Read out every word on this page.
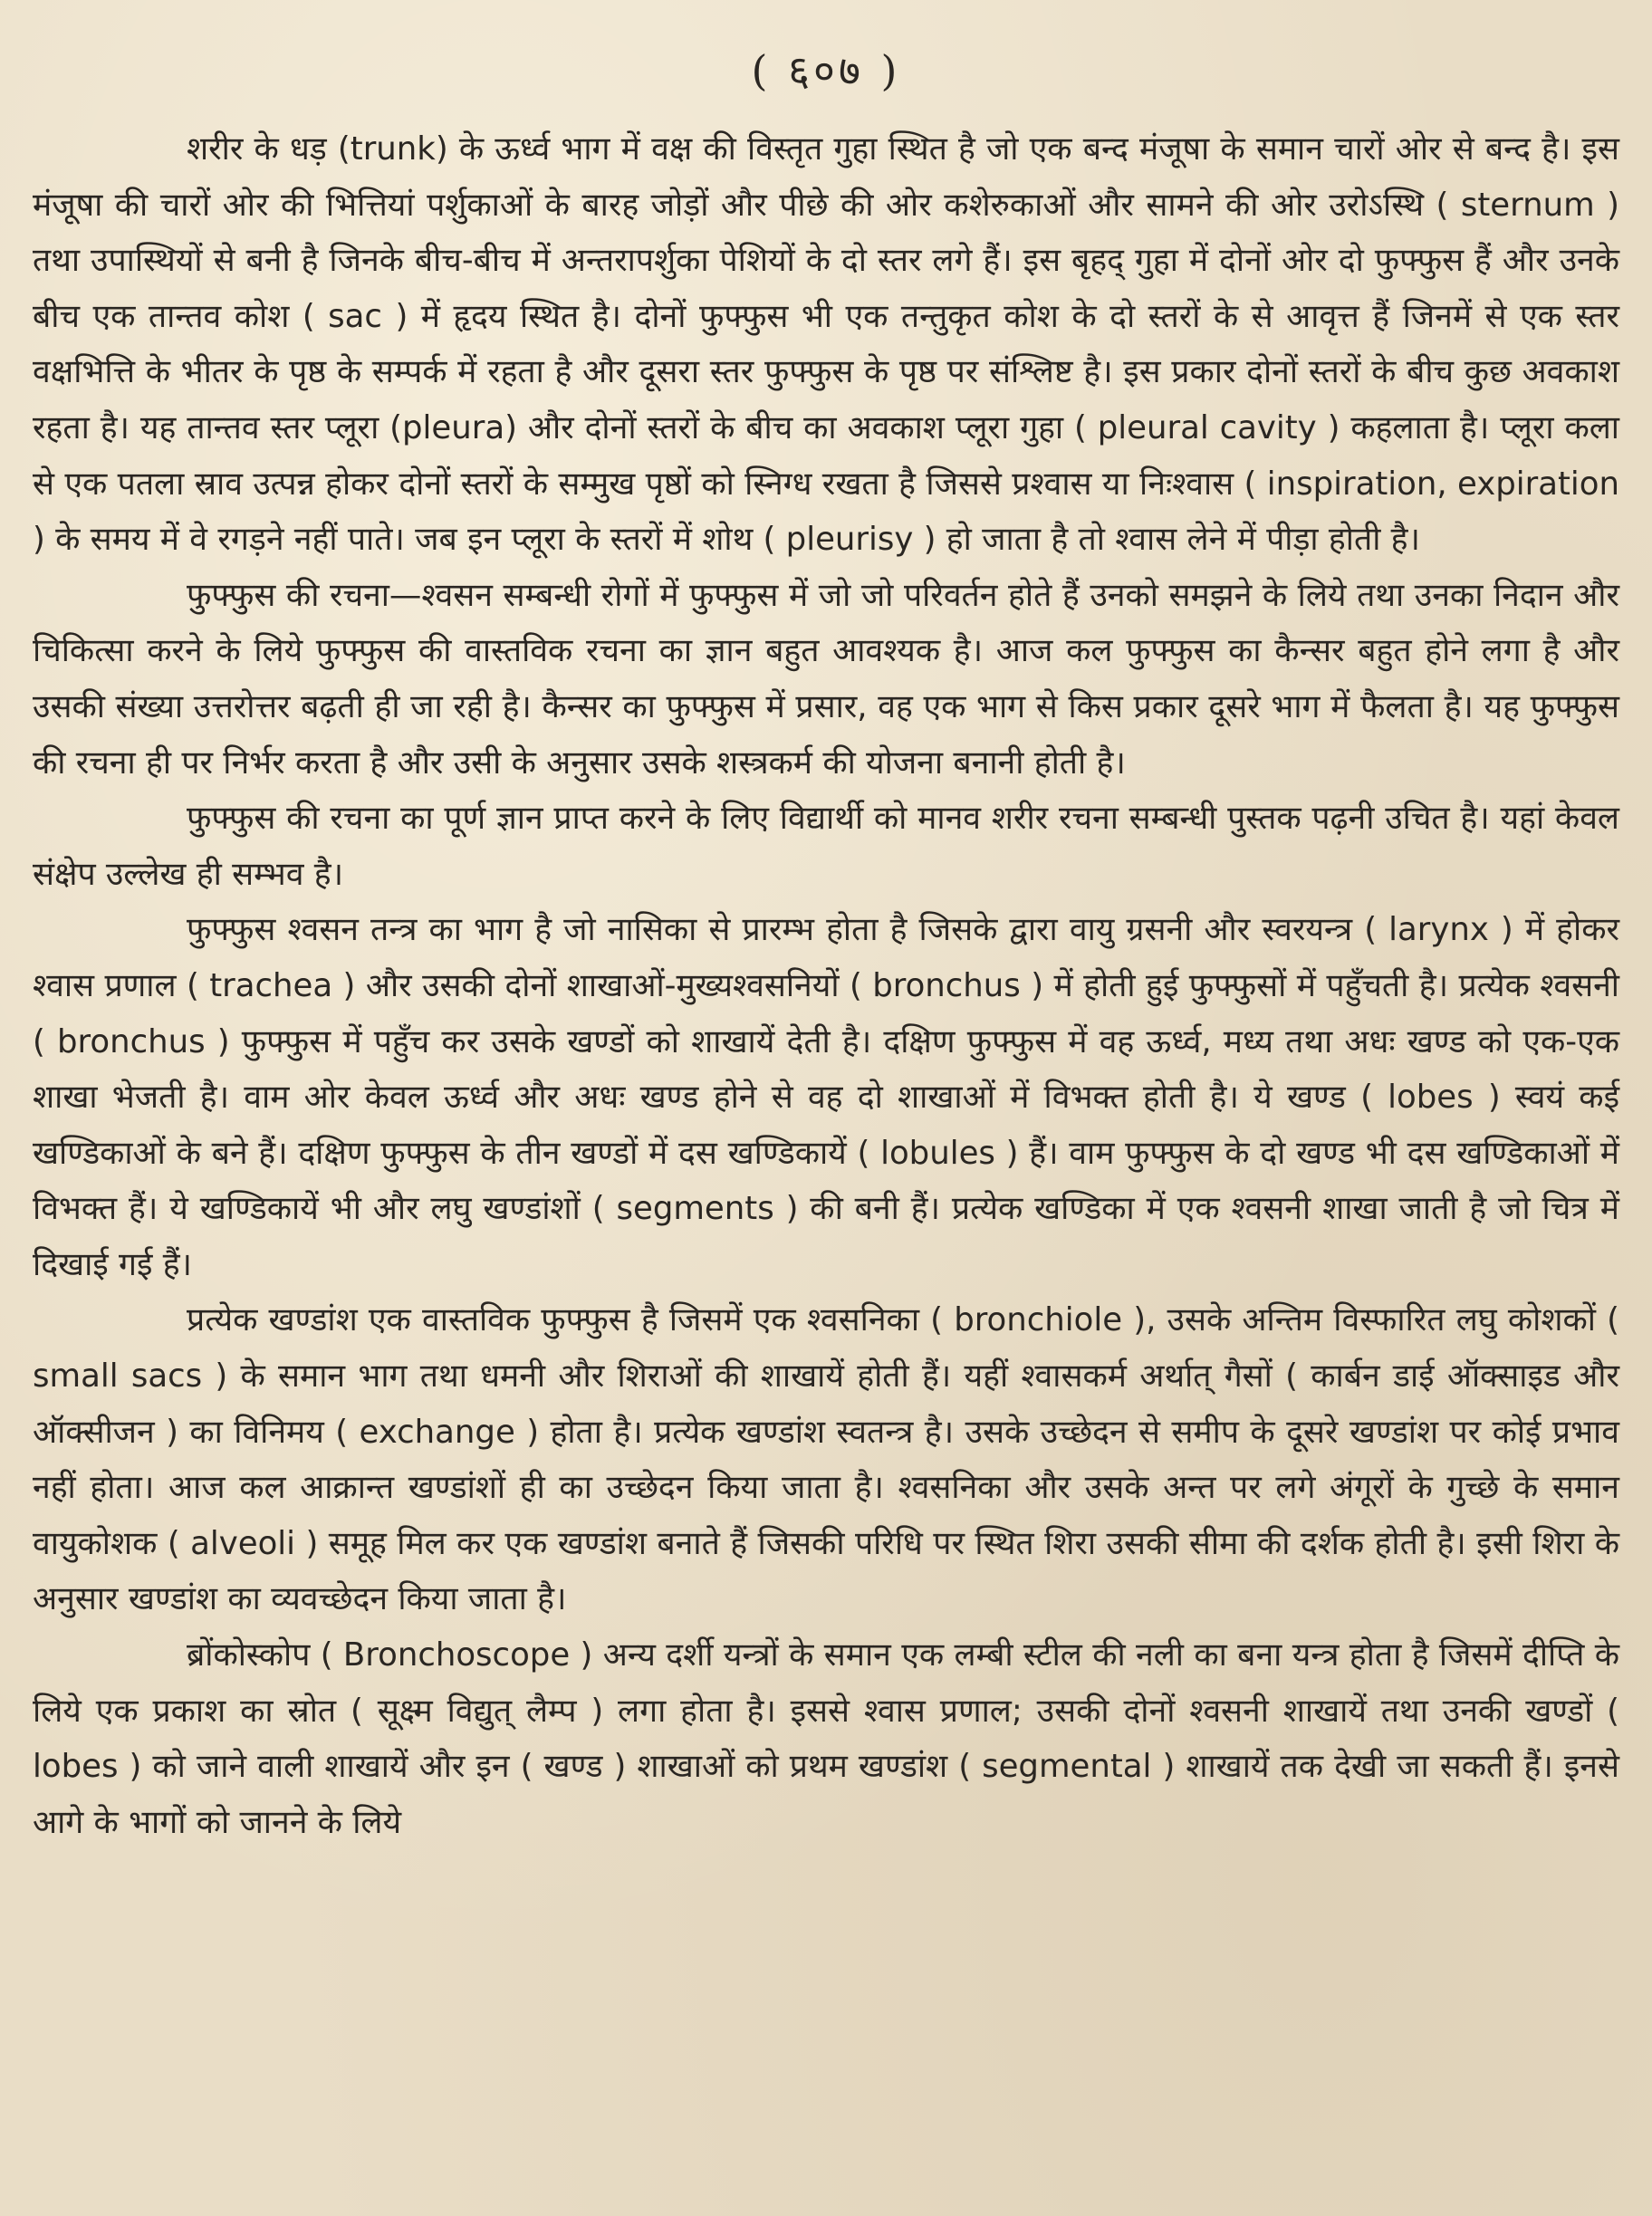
( ६०७ )

शरीर के धड़ (trunk) के ऊर्ध्व भाग में वक्ष की विस्तृत गुहा स्थित है जो एक बन्द मंजूषा के समान चारों ओर से बन्द है। इस मंजूषा की चारों ओर की भित्तियां पर्शुकाओं के बारह जोड़ों और पीछे की ओर कशेरुकाओं और सामने की ओर उरोऽस्थि ( sternum ) तथा उपास्थियों से बनी है जिनके बीच-बीच में अन्तरापर्शुका पेशियों के दो स्तर लगे हैं। इस बृहद् गुहा में दोनों ओर दो फुफ्फुस हैं और उनके बीच एक तान्तव कोश ( sac ) में हृदय स्थित है। दोनों फुफ्फुस भी एक तन्तुकृत कोश के दो स्तरों के से आवृत्त हैं जिनमें से एक स्तर वक्षभित्ति के भीतर के पृष्ठ के सम्पर्क में रहता है और दूसरा स्तर फुफ्फुस के पृष्ठ पर संश्लिष्ट है। इस प्रकार दोनों स्तरों के बीच कुछ अवकाश रहता है। यह तान्तव स्तर प्लूरा (pleura) और दोनों स्तरों के बीच का अवकाश प्लूरा गुहा ( pleural cavity ) कहलाता है। प्लूरा कला से एक पतला स्राव उत्पन्न होकर दोनों स्तरों के सम्मुख पृष्ठों को स्निग्ध रखता है जिससे प्रश्वास या निःश्वास ( inspiration, expiration ) के समय में वे रगड़ने नहीं पाते। जब इन प्लूरा के स्तरों में शोथ ( pleurisy ) हो जाता है तो श्वास लेने में पीड़ा होती है।

फुफ्फुस की रचना—श्वसन सम्बन्धी रोगों में फुफ्फुस में जो जो परिवर्तन होते हैं उनको समझने के लिये तथा उनका निदान और चिकित्सा करने के लिये फुफ्फुस की वास्तविक रचना का ज्ञान बहुत आवश्यक है। आज कल फुफ्फुस का कैन्सर बहुत होने लगा है और उसकी संख्या उत्तरोत्तर बढ़ती ही जा रही है। कैन्सर का फुफ्फुस में प्रसार, वह एक भाग से किस प्रकार दूसरे भाग में फैलता है। यह फुफ्फुस की रचना ही पर निर्भर करता है और उसी के अनुसार उसके शस्त्रकर्म की योजना बनानी होती है।

फुफ्फुस की रचना का पूर्ण ज्ञान प्राप्त करने के लिए विद्यार्थी को मानव शरीर रचना सम्बन्धी पुस्तक पढ़नी उचित है। यहां केवल संक्षेप उल्लेख ही सम्भव है।

फुफ्फुस श्वसन तन्त्र का भाग है जो नासिका से प्रारम्भ होता है जिसके द्वारा वायु ग्रसनी और स्वरयन्त्र ( larynx ) में होकर श्वास प्रणाल ( trachea ) और उसकी दोनों शाखाओं-मुख्यश्वसनियों ( bronchus ) में होती हुई फुफ्फुसों में पहुँचती है। प्रत्येक श्वसनी ( bronchus ) फुफ्फुस में पहुँच कर उसके खण्डों को शाखायें देती है। दक्षिण फुफ्फुस में वह ऊर्ध्व, मध्य तथा अधः खण्ड को एक-एक शाखा भेजती है। वाम ओर केवल ऊर्ध्व और अधः खण्ड होने से वह दो शाखाओं में विभक्त होती है। ये खण्ड ( lobes ) स्वयं कई खण्डिकाओं के बने हैं। दक्षिण फुफ्फुस के तीन खण्डों में दस खण्डिकायें ( lobules ) हैं। वाम फुफ्फुस के दो खण्ड भी दस खण्डिकाओं में विभक्त हैं। ये खण्डिकायें भी और लघु खण्डांशों ( segments ) की बनी हैं। प्रत्येक खण्डिका में एक श्वसनी शाखा जाती है जो चित्र में दिखाई गई हैं।

प्रत्येक खण्डांश एक वास्तविक फुफ्फुस है जिसमें एक श्वसनिका ( bronchiole ), उसके अन्तिम विस्फारित लघु कोशकों ( small sacs ) के समान भाग तथा धमनी और शिराओं की शाखायें होती हैं। यहीं श्वासकर्म अर्थात् गैसों ( कार्बन डाई ऑक्साइड और ऑक्सीजन ) का विनिमय ( exchange ) होता है। प्रत्येक खण्डांश स्वतन्त्र है। उसके उच्छेदन से समीप के दूसरे खण्डांश पर कोई प्रभाव नहीं होता। आज कल आक्रान्त खण्डांशों ही का उच्छेदन किया जाता है। श्वसनिका और उसके अन्त पर लगे अंगूरों के गुच्छे के समान वायुकोशक ( alveoli ) समूह मिल कर एक खण्डांश बनाते हैं जिसकी परिधि पर स्थित शिरा उसकी सीमा की दर्शक होती है। इसी शिरा के अनुसार खण्डांश का व्यवच्छेदन किया जाता है।

ब्रोंकोस्कोप ( Bronchoscope ) अन्य दर्शी यन्त्रों के समान एक लम्बी स्टील की नली का बना यन्त्र होता है जिसमें दीप्ति के लिये एक प्रकाश का स्रोत ( सूक्ष्म विद्युत् लैम्प ) लगा होता है। इससे श्वास प्रणाल; उसकी दोनों श्वसनी शाखायें तथा उनकी खण्डों ( lobes ) को जाने वाली शाखायें और इन ( खण्ड ) शाखाओं को प्रथम खण्डांश ( segmental ) शाखायें तक देखी जा सकती हैं। इनसे आगे के भागों को जानने के लिये
